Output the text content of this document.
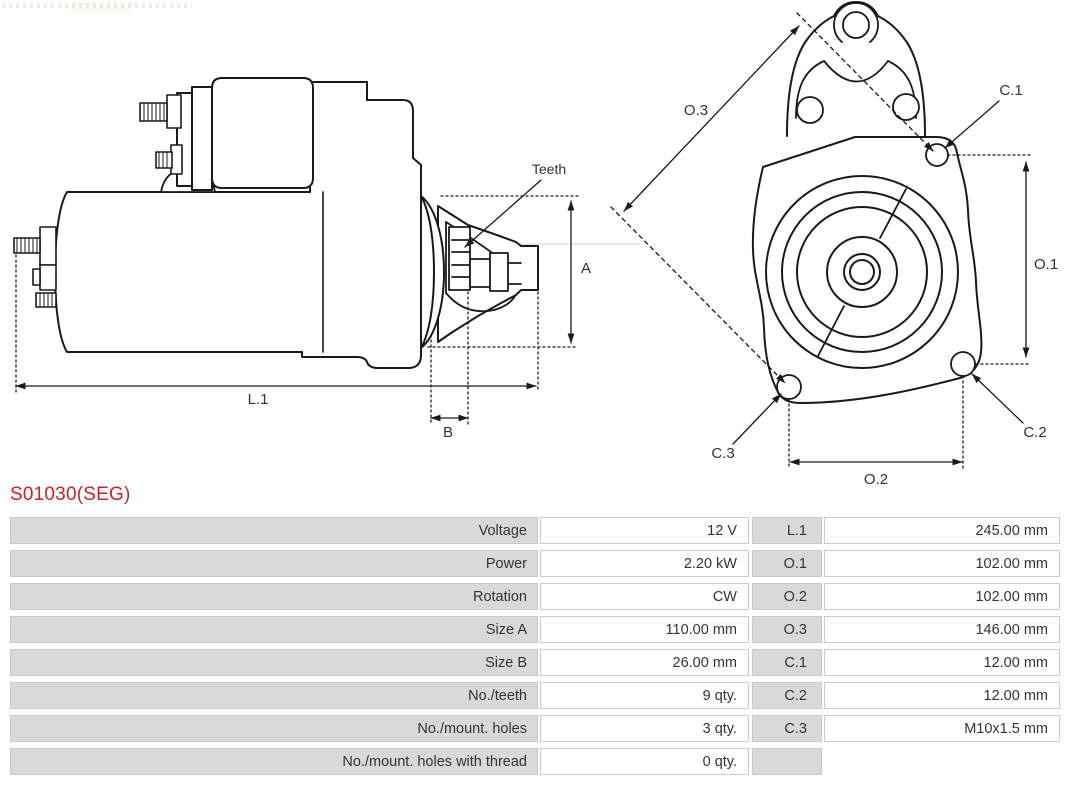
Teeth
A
L.1
B
O.3
O.1
O.2
C.1
C.2
C.3
S01030(SEG)
Voltage	12 V	L.1	245.00 mm
Power	2.20 kW	O.1	102.00 mm
Rotation	CW	O.2	102.00 mm
Size A	110.00 mm	O.3	146.00 mm
Size B	26.00 mm	C.1	12.00 mm
No./teeth	9 qty.	C.2	12.00 mm
No./mount. holes	3 qty.	C.3	M10x1.5 mm
No./mount. holes with thread	0 qty.
